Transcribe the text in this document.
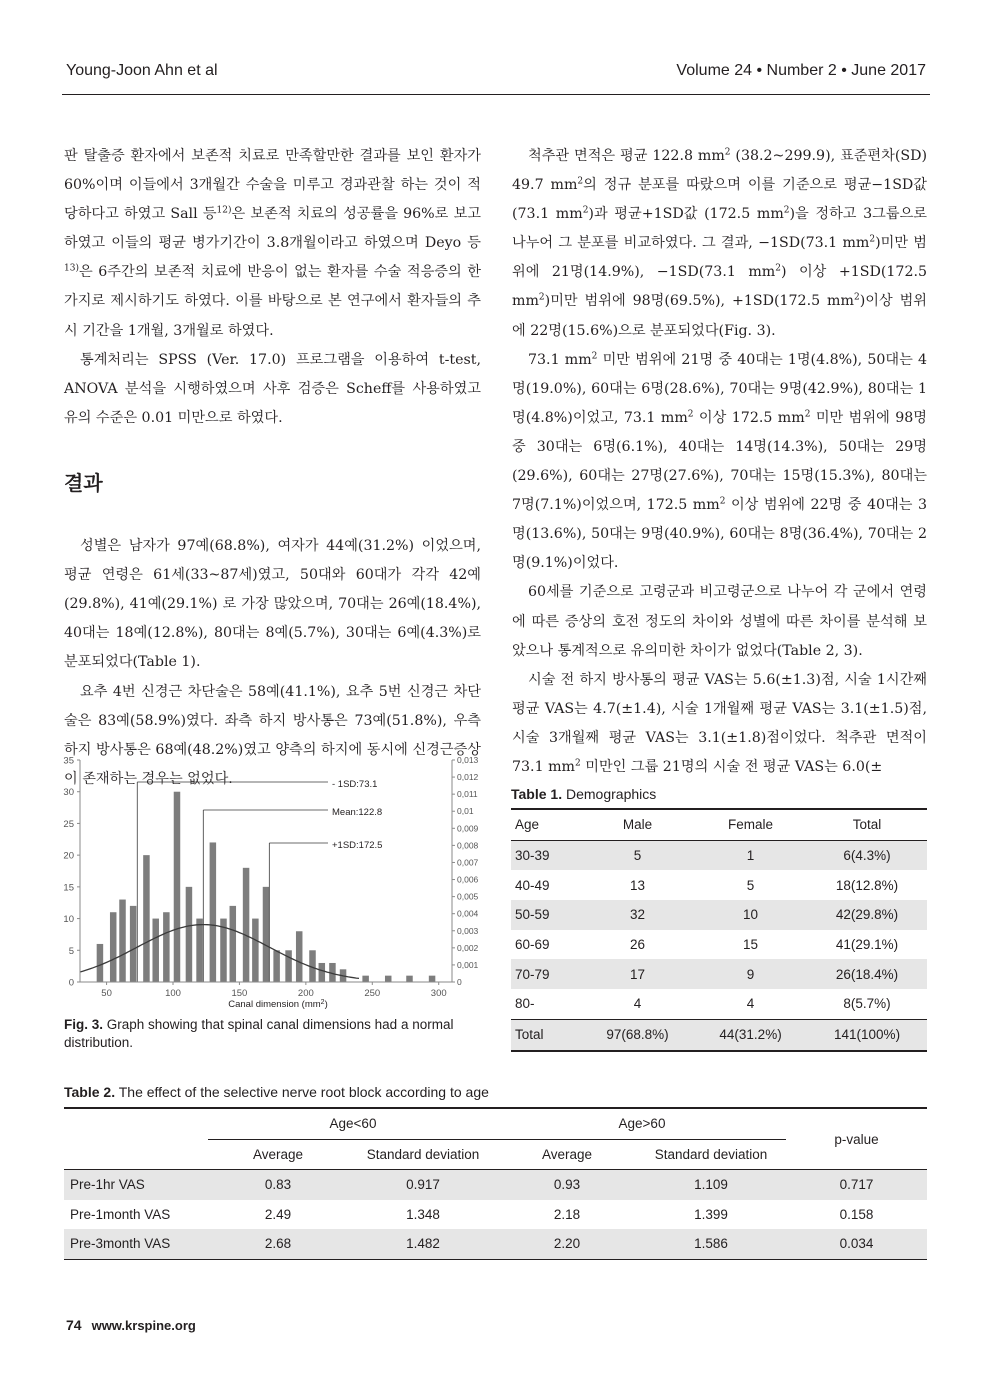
Young-Joon Ahn et al	Volume 24 • Number 2 • June 2017

판 탈출증 환자에서 보존적 치료로 만족할만한 결과를 보인 환자가 60%이며 이들에서 3개월간 수술을 미루고 경과관찰 하는 것이 적당하다고 하였고 Sall 등$^{12)}$은 보존적 치료의 성공률을 96%로 보고하였고 이들의 평균 병가기간이 3.8개월이라고 하였으며 Deyo 등$^{13)}$은 6주간의 보존적 치료에 반응이 없는 환자를 수술 적응증의 한가지로 제시하기도 하였다. 이를 바탕으로 본 연구에서 환자들의 추시 기간을 1개월, 3개월로 하였다.

통계처리는 SPSS (Ver. 17.0) 프로그램을 이용하여 t-test, ANOVA 분석을 시행하였으며 사후 검증은 Scheff를 사용하였고 유의 수준은 0.01 미만으로 하였다.

결과

성별은 남자가 97예(68.8%), 여자가 44예(31.2%) 이었으며, 평균 연령은 61세(33~87세)였고, 50대와 60대가 각각 42예(29.8%), 41예(29.1%) 로 가장 많았으며, 70대는 26예(18.4%), 40대는 18예(12.8%), 80대는 8예(5.7%), 30대는 6예(4.3%)로 분포되었다(Table 1).

요추 4번 신경근 차단술은 58예(41.1%), 요추 5번 신경근 차단술은 83예(58.9%)였다. 좌측 하지 방사통은 73예(51.8%), 우측 하지 방사통은 68예(48.2%)였고 양측의 하지에 동시에 신경근증상이 존재하는 경우는 없었다.

척추관 면적은 평균 122.8 $mm^2$ (38.2~299.9), 표준편차(SD) 49.7 $mm^2$의 정규 분포를 따랐으며 이를 기준으로 평균−1SD값(73.1 $mm^2$)과 평균+1SD값 (172.5 $mm^2$)을 정하고 3그룹으로 나누어 그 분포를 비교하였다. 그 결과, −1SD(73.1 $mm^2$)미만 범위에 21명(14.9%), −1SD(73.1 $mm^2$) 이상 +1SD(172.5 $mm^2$)미만 범위에 98명(69.5%), +1SD(172.5 $mm^2$)이상 범위에 22명(15.6%)으로 분포되었다(Fig. 3).

73.1 $mm^2$ 미만 범위에 21명 중 40대는 1명(4.8%), 50대는 4명(19.0%), 60대는 6명(28.6%), 70대는 9명(42.9%), 80대는 1명(4.8%)이었고, 73.1 $mm^2$ 이상 172.5 $mm^2$ 미만 범위에 98명 중 30대는 6명(6.1%), 40대는 14명(14.3%), 50대는 29명(29.6%), 60대는 27명(27.6%), 70대는 15명(15.3%), 80대는 7명(7.1%)이었으며, 172.5 $mm^2$ 이상 범위에 22명 중 40대는 3명(13.6%), 50대는 9명(40.9%), 60대는 8명(36.4%), 70대는 2명(9.1%)이었다.

60세를 기준으로 고령군과 비고령군으로 나누어 각 군에서 연령에 따른 증상의 호전 정도의 차이와 성별에 따른 차이를 분석해 보았으나 통계적으로 유의미한 차이가 없었다(Table 2, 3).

시술 전 하지 방사통의 평균 VAS는 5.6(±1.3)점, 시술 1시간째 평균 VAS는 4.7(±1.4), 시술 1개월째 평균 VAS는 3.1(±1.5)점, 시술 3개월째 평균 VAS는 3.1(±1.8)점이었다. 척추관 면적이 73.1 $mm^2$ 미만인 그룹 21명의 시술 전 평균 VAS는 6.0(±

0
5
10
15
20
25
30
35
0
0,001
0,002
0,003
0,004
0,005
0,006
0,007
0,008
0,009
0,01
0,011
0,012
0,013
50	100	150	200	250	300
- 1SD:73.1
Mean:122.8
+1SD:172.5
Canal dimension $(mm^2)$
Fig. 3. Graph showing that spinal canal dimensions had a normal distribution.
Table 1. Demographics
Age	Male	Female	Total
30-39	5	1	6(4.3%)
40-49	13	5	18(12.8%)
50-59	32	10	42(29.8%)
60-69	26	15	41(29.1%)
70-79	17	9	26(18.4%)
80-	4	4	8(5.7%)
Total	97(68.8%)	44(31.2%)	141(100%)
Table 2. The effect of the selective nerve root block according to age
	Age<60		Age>60		p-value
	Average	Standard deviation	Average	Standard deviation	
Pre-1hr VAS	0.83	0.917	0.93	1.109	0.717
Pre-1month VAS	2.49	1.348	2.18	1.399	0.158
Pre-3month VAS	2.68	1.482	2.20	1.586	0.034
74 www.krspine.org
